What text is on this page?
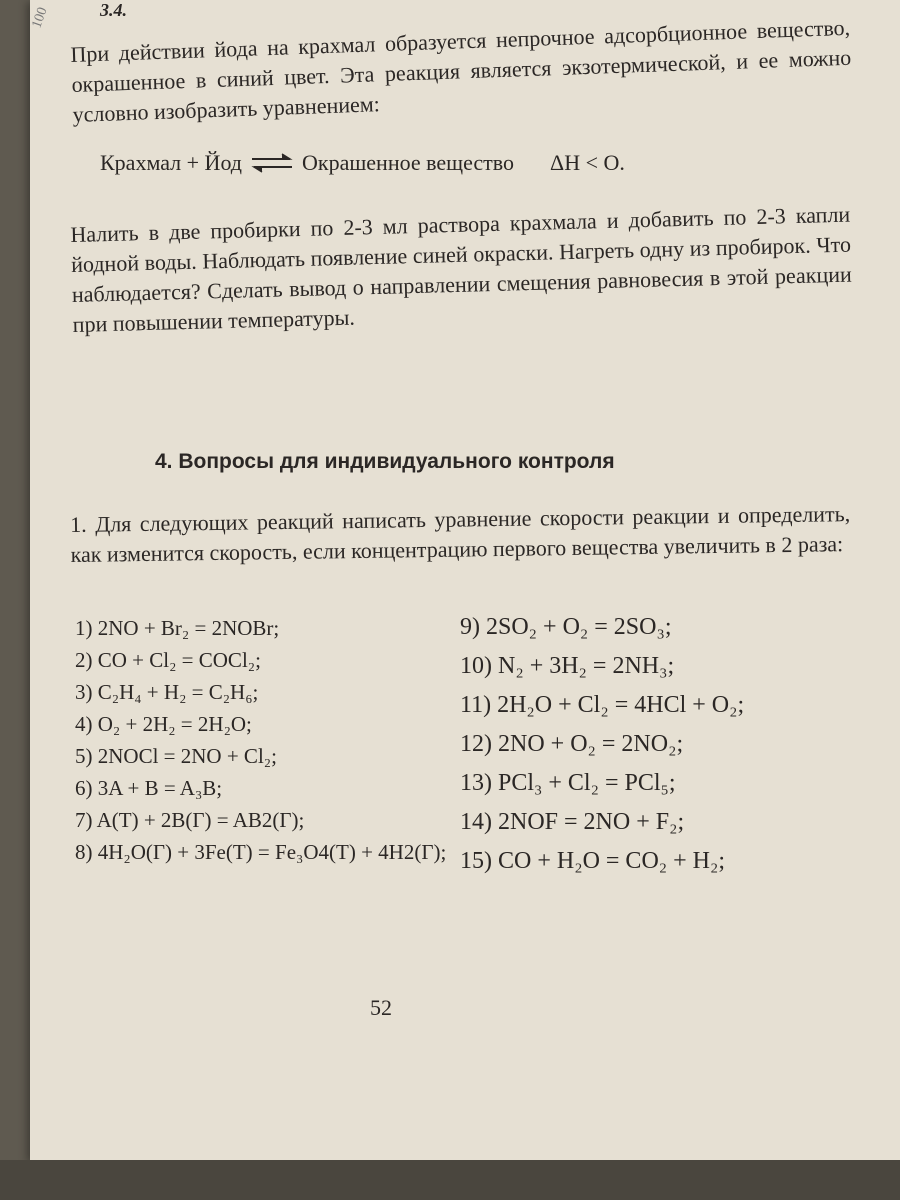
100	3.4.

При действии йода на крахмал образуется непрочное адсорбционное вещество, окрашенное в синий цвет. Эта реакция является экзотермической, и ее можно условно изобразить уравнением:

Крахмал + Йод ⇌ Окрашенное вещество ΔH < O.

Налить в две пробирки по 2-3 мл раствора крахмала и добавить по 2-3 капли йодной воды. Наблюдать появление синей окраски. Нагреть одну из пробирок. Что наблюдается? Сделать вывод о направлении смещения равновесия в этой реакции при повышении температуры.

4. Вопросы для индивидуального контроля

1. Для следующих реакций написать уравнение скорости реакции и определить, как изменится скорость, если концентрацию первого вещества увеличить в 2 раза:

1) 2NO + Br₂ = 2NOBr;
2) CO + Cl₂ = COCl₂;
3) C₂H₄ + H₂ = C₂H₆;
4) O₂ + 2H₂ = 2H₂O;
5) 2NOCl = 2NO + Cl₂;
6) 3A + B = A₃B;
7) A(Т) + 2B(Г) = AB2(Г);
8) 4H₂O(Г) + 3Fe(Т) = Fe₃O4(Т) + 4H2(Г);
9) 2SO₂ + O₂ = 2SO₃;
10) N₂ + 3H₂ = 2NH₃;
11) 2H₂O + Cl₂ = 4HCl + O₂;
12) 2NO + O₂ = 2NO₂;
13) PCl₃ + Cl₂ = PCl₅;
14) 2NOF = 2NO + F₂;
15) CO + H₂O = CO₂ + H₂;
52
